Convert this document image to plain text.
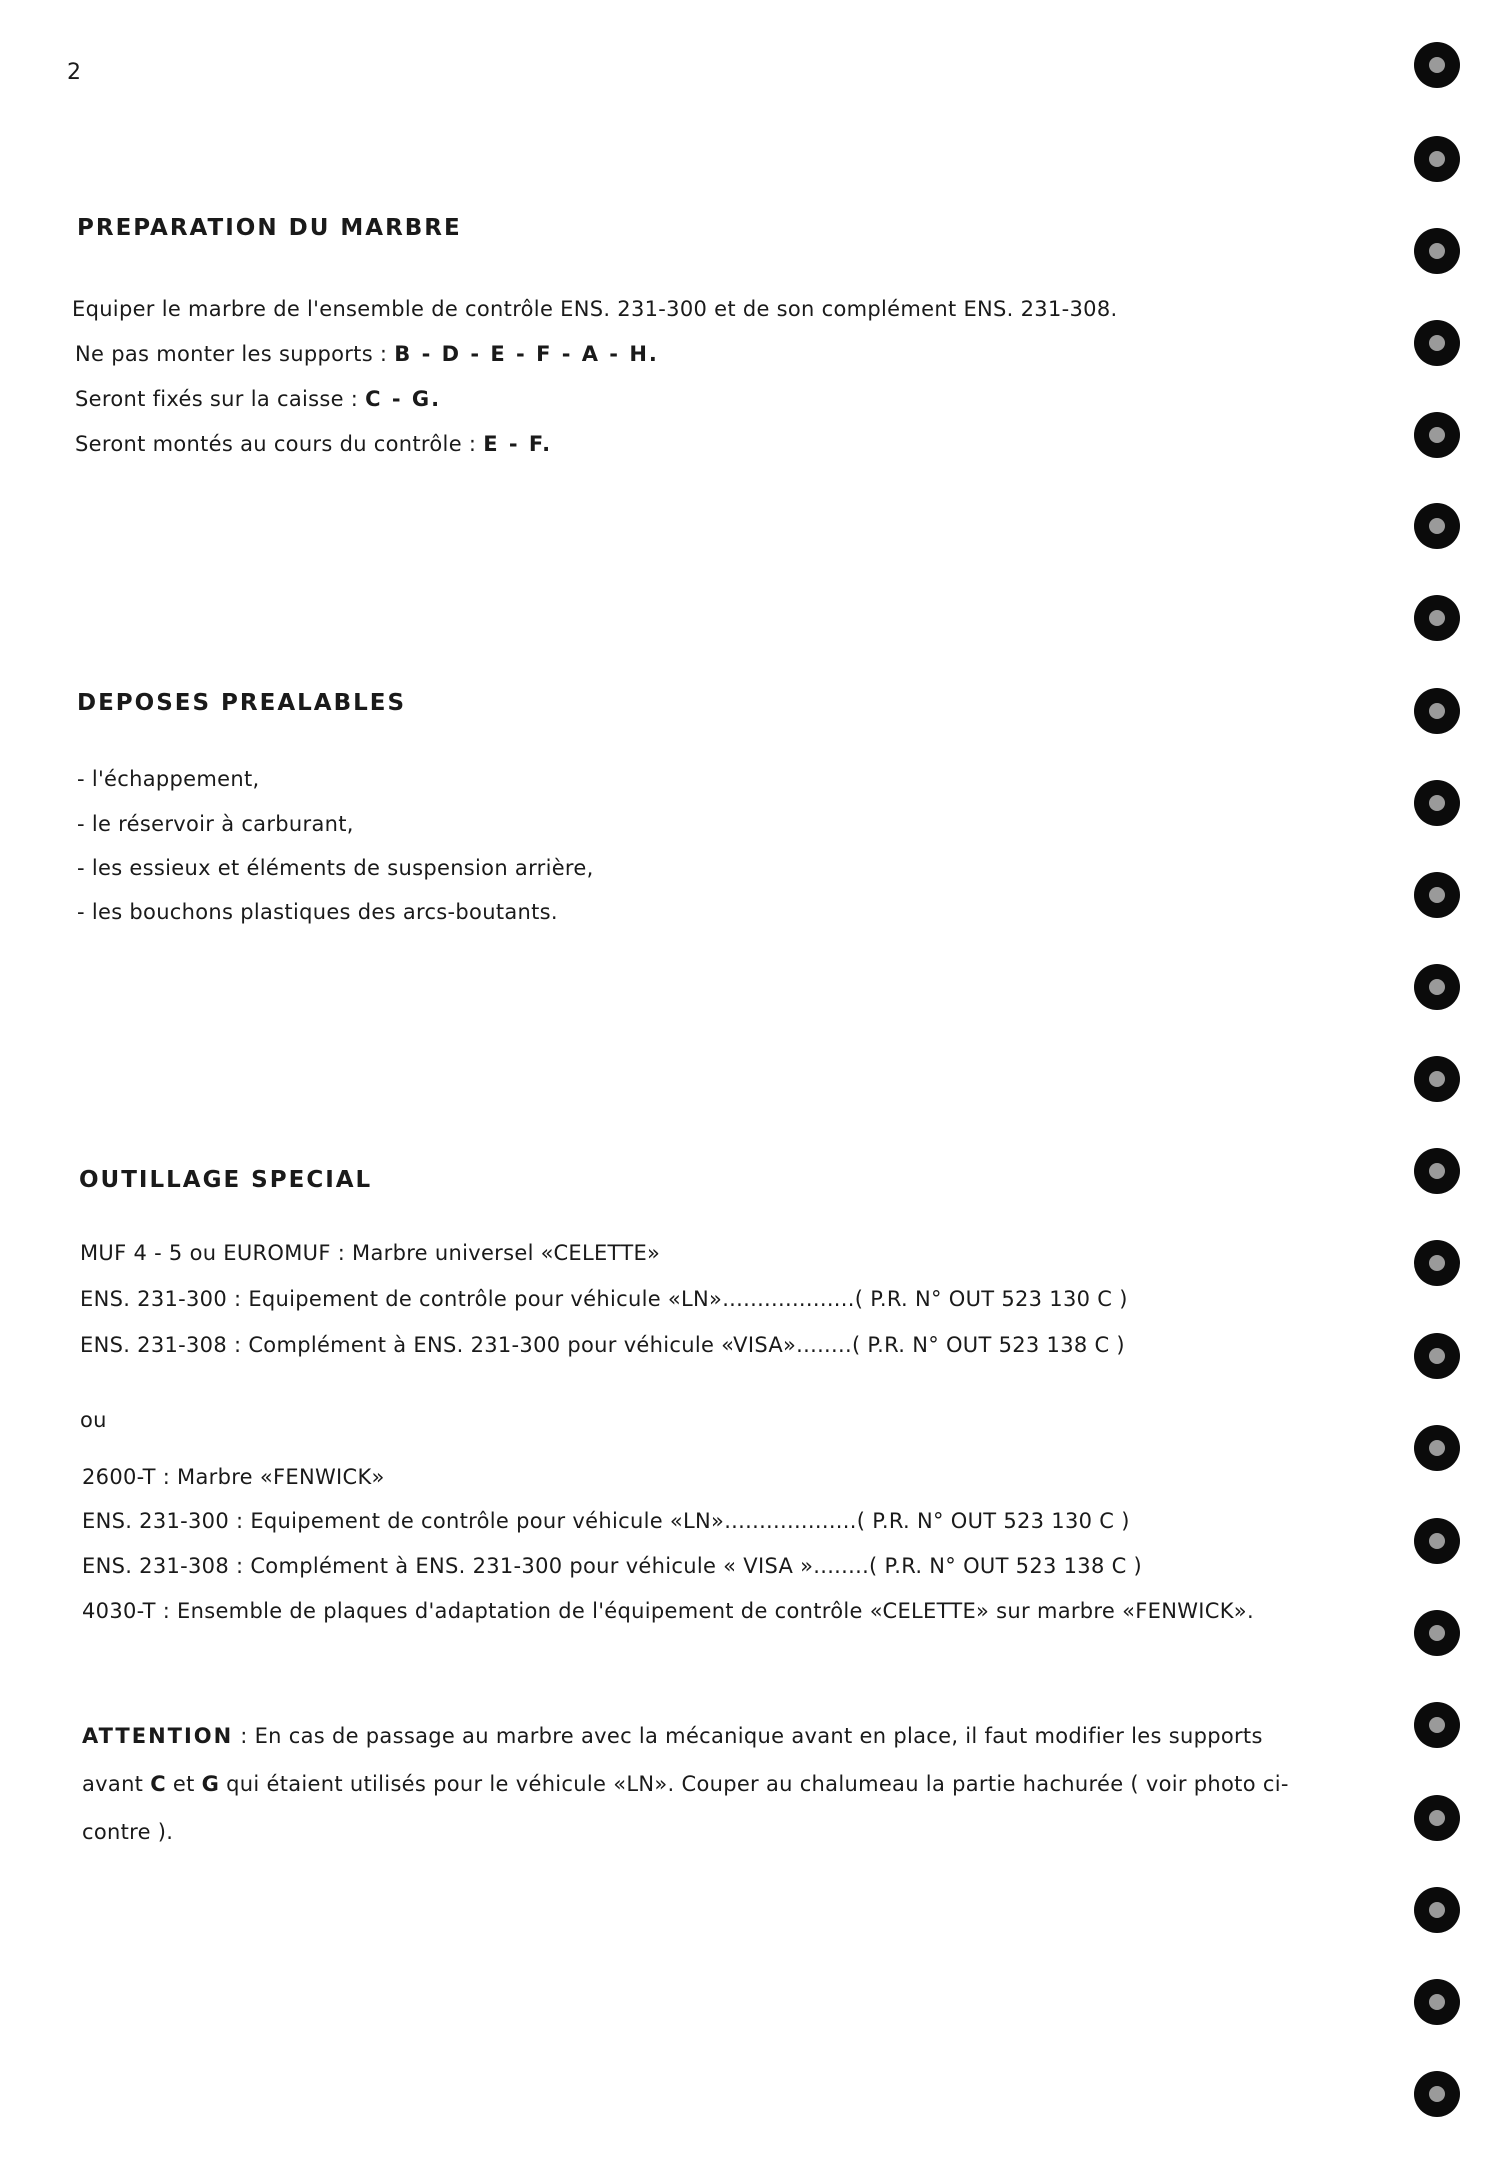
2
PREPARATION DU MARBRE
Equiper le marbre de l'ensemble de contrôle ENS. 231-300 et de son complément ENS. 231-308.
Ne pas monter les supports : B - D - E - F - A - H.
Seront fixés sur la caisse : C - G.
Seront montés au cours du contrôle : E - F.
DEPOSES PREALABLES
- l'échappement,
- le réservoir à carburant,
- les essieux et éléments de suspension arrière,
- les bouchons plastiques des arcs-boutants.
OUTILLAGE SPECIAL
MUF 4 - 5 ou EUROMUF : Marbre universel «CELETTE»
ENS. 231-300 : Equipement de contrôle pour véhicule «LN»...................( P.R. N° OUT 523 130 C )
ENS. 231-308 : Complément à ENS. 231-300 pour véhicule «VISA»........( P.R. N° OUT 523 138 C )
ou
2600-T : Marbre «FENWICK»
ENS. 231-300 : Equipement de contrôle pour véhicule «LN»...................( P.R. N° OUT 523 130 C )
ENS. 231-308 : Complément à ENS. 231-300 pour véhicule « VISA »........( P.R. N° OUT 523 138 C )
4030-T : Ensemble de plaques d'adaptation de l'équipement de contrôle «CELETTE» sur marbre «FENWICK».
ATTENTION : En cas de passage au marbre avec la mécanique avant en place, il faut modifier les supports avant C et G qui étaient utilisés pour le véhicule «LN». Couper au chalumeau la partie hachurée ( voir photo ci-contre ).
